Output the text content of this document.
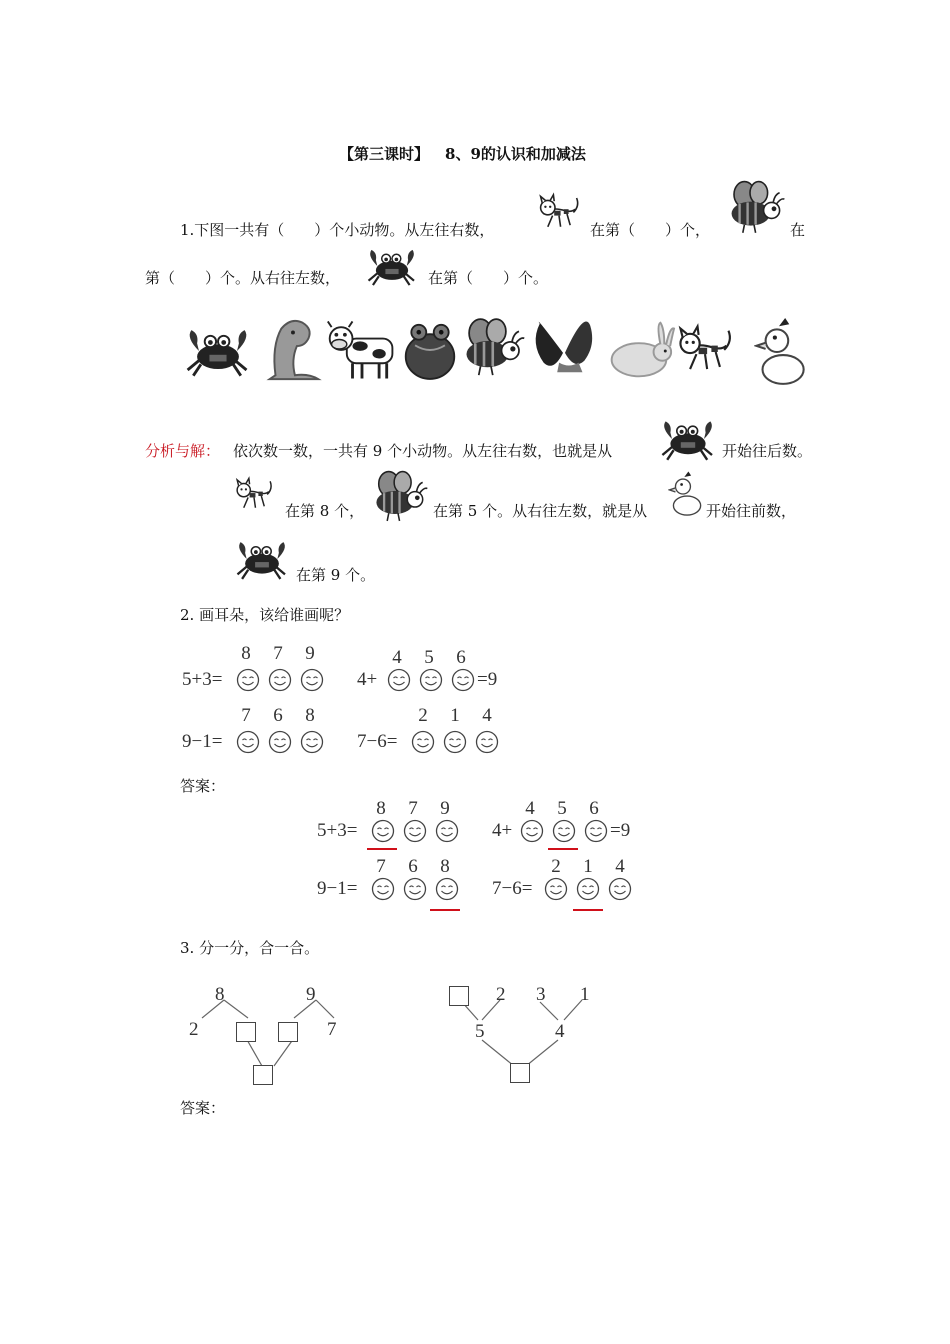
【第三课时】 8、9的认识和加减法
1.下图一共有（　　）个小动物。从左往右数，	在第（　　）个，	在
第（　　）个。从右往左数，	在第（　　）个。
分析与解： 依次数一数，一共有 9 个小动物。从左往右数，也就是从	开始往后数。
在第 8 个，	在第 5 个。从右往左数，就是从	开始往前数，
在第 9 个。
2. 画耳朵，该给谁画呢？
8 7 9
5+3=
4 5 6
4+	=9
7 6 8
9−1=
2 1 4
7−6=
答案：
8 7 9
5+3=
4 5 6
4+	=9
7 6 8
9−1=
2 1 4
7−6=
3. 分一分，合一合。
8
2
9
7
2 3 1
5	4
答案：
